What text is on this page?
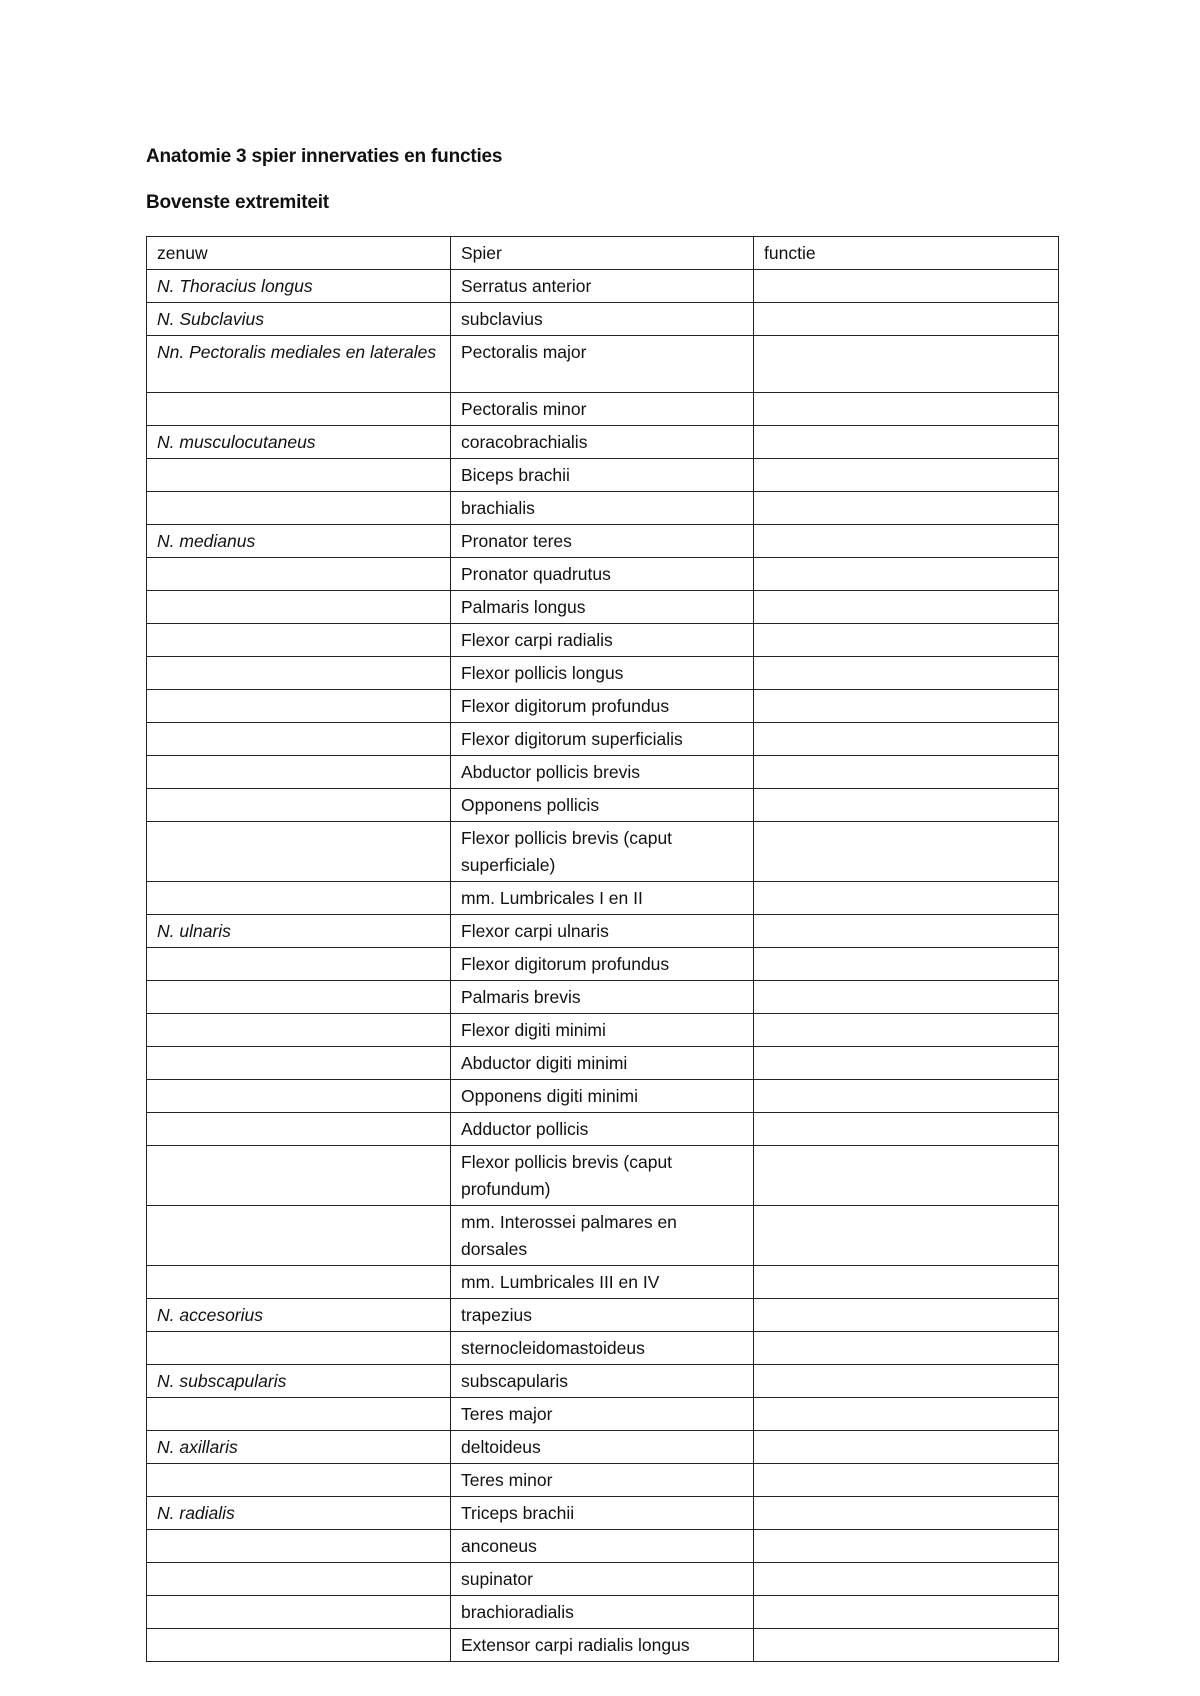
Anatomie 3 spier innervaties en functies
Bovenste extremiteit
zenuw	Spier	functie
N. Thoracius longus	Serratus anterior	
N. Subclavius	subclavius	
Nn. Pectoralis mediales en laterales	Pectoralis major	
	Pectoralis minor	
N. musculocutaneus	coracobrachialis	
	Biceps brachii	
	brachialis	
N. medianus	Pronator teres	
	Pronator quadrutus	
	Palmaris longus	
	Flexor carpi radialis	
	Flexor pollicis longus	
	Flexor digitorum profundus	
	Flexor digitorum superficialis	
	Abductor pollicis brevis	
	Opponens pollicis	
	Flexor pollicis brevis (caput superficiale)	
	mm. Lumbricales I en II	
N. ulnaris	Flexor carpi ulnaris	
	Flexor digitorum profundus	
	Palmaris brevis	
	Flexor digiti minimi	
	Abductor digiti minimi	
	Opponens digiti minimi	
	Adductor pollicis	
	Flexor pollicis brevis (caput profundum)	
	mm. Interossei palmares en dorsales	
	mm. Lumbricales III en IV	
N. accesorius	trapezius	
	sternocleidomastoideus	
N. subscapularis	subscapularis	
	Teres major	
N. axillaris	deltoideus	
	Teres minor	
N. radialis	Triceps brachii	
	anconeus	
	supinator	
	brachioradialis	
	Extensor carpi radialis longus	
